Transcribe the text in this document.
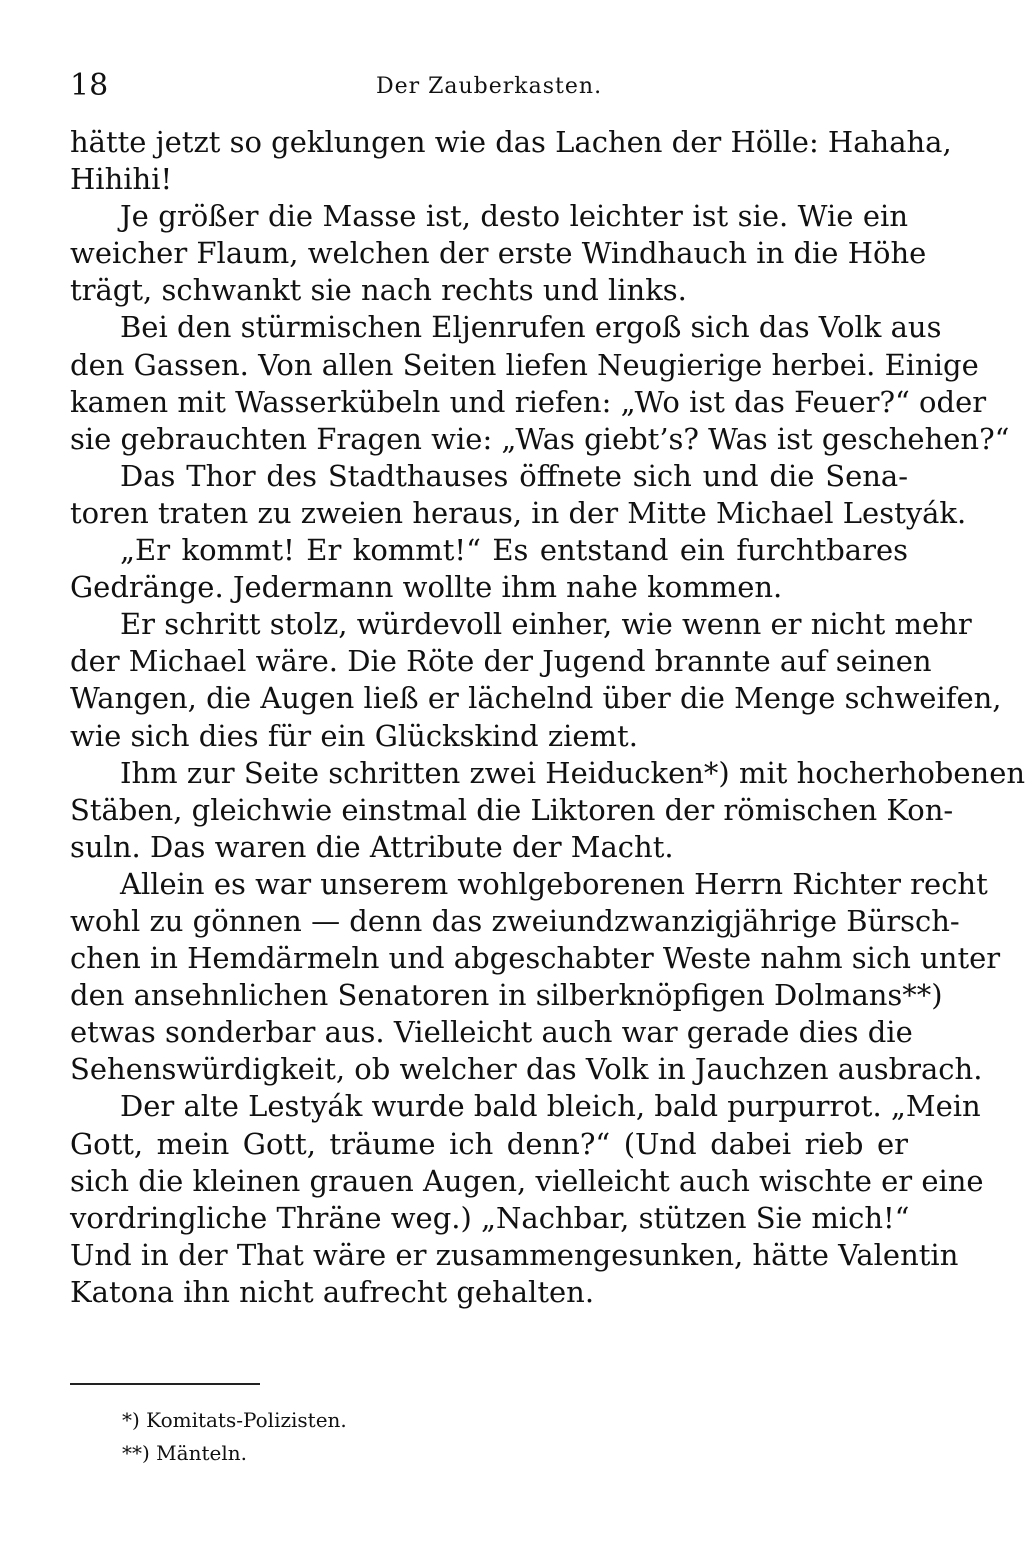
18	Der Zauberkasten.
hätte jetzt so geklungen wie das Lachen der Hölle: Hahaha,
Hihihi!
Je größer die Masse ist, desto leichter ist sie. Wie ein
weicher Flaum, welchen der erste Windhauch in die Höhe
trägt, schwankt sie nach rechts und links.
Bei den stürmischen Eljenrufen ergoß sich das Volk aus
den Gassen. Von allen Seiten liefen Neugierige herbei. Einige
kamen mit Wasserkübeln und riefen: „Wo ist das Feuer?“ oder
sie gebrauchten Fragen wie: „Was giebt’s? Was ist geschehen?“
Das Thor des Stadthauses öffnete sich und die Sena-
toren traten zu zweien heraus, in der Mitte Michael Lestyák.
„Er kommt! Er kommt!“ Es entstand ein furchtbares
Gedränge. Jedermann wollte ihm nahe kommen.
Er schritt stolz, würdevoll einher, wie wenn er nicht mehr
der Michael wäre. Die Röte der Jugend brannte auf seinen
Wangen, die Augen ließ er lächelnd über die Menge schweifen,
wie sich dies für ein Glückskind ziemt.
Ihm zur Seite schritten zwei Heiducken*) mit hocherhobenen
Stäben, gleichwie einstmal die Liktoren der römischen Kon-
suln. Das waren die Attribute der Macht.
Allein es war unserem wohlgeborenen Herrn Richter recht
wohl zu gönnen — denn das zweiundzwanzigjährige Bürsch-
chen in Hemdärmeln und abgeschabter Weste nahm sich unter
den ansehnlichen Senatoren in silberknöpfigen Dolmans**)
etwas sonderbar aus. Vielleicht auch war gerade dies die
Sehenswürdigkeit, ob welcher das Volk in Jauchzen ausbrach.
Der alte Lestyák wurde bald bleich, bald purpurrot. „Mein
Gott, mein Gott, träume ich denn?“ (Und dabei rieb er
sich die kleinen grauen Augen, vielleicht auch wischte er eine
vordringliche Thräne weg.) „Nachbar, stützen Sie mich!“
Und in der That wäre er zusammengesunken, hätte Valentin
Katona ihn nicht aufrecht gehalten.
*) Komitats-Polizisten.
**) Mänteln.
